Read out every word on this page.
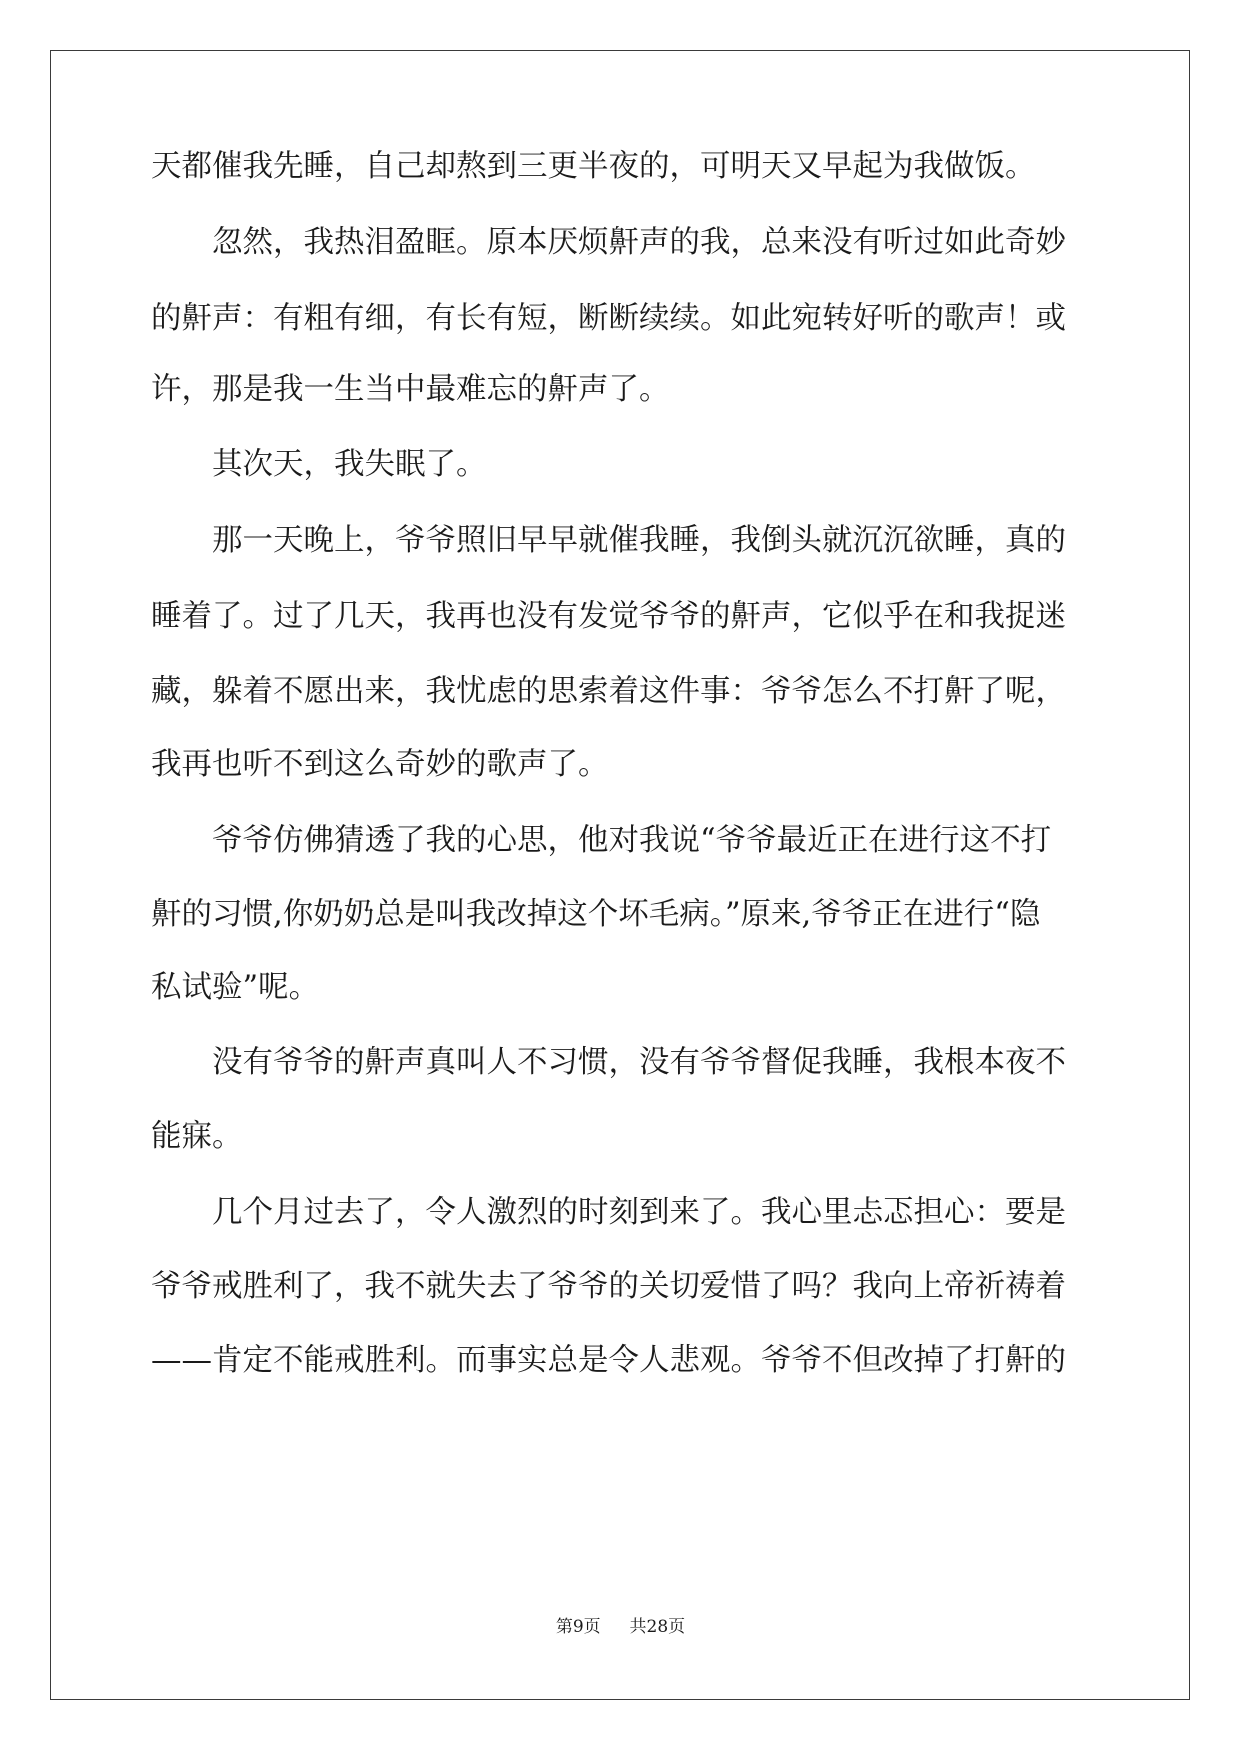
天都催我先睡，自己却熬到三更半夜的，可明天又早起为我做饭。
忽然，我热泪盈眶。原本厌烦鼾声的我，总来没有听过如此奇妙
的鼾声：有粗有细，有长有短，断断续续。如此宛转好听的歌声！或
许，那是我一生当中最难忘的鼾声了。
其次天，我失眠了。
那一天晚上，爷爷照旧早早就催我睡，我倒头就沉沉欲睡，真的
睡着了。过了几天，我再也没有发觉爷爷的鼾声，它似乎在和我捉迷
藏，躲着不愿出来，我忧虑的思索着这件事：爷爷怎么不打鼾了呢，
我再也听不到这么奇妙的歌声了。
爷爷仿佛猜透了我的心思，他对我说“爷爷最近正在进行这不打
鼾的习惯,你奶奶总是叫我改掉这个坏毛病。”原来,爷爷正在进行“隐
私试验”呢。
没有爷爷的鼾声真叫人不习惯，没有爷爷督促我睡，我根本夜不
能寐。
几个月过去了，令人激烈的时刻到来了。我心里忐忑担心：要是
爷爷戒胜利了，我不就失去了爷爷的关切爱惜了吗？我向上帝祈祷着
——肯定不能戒胜利。而事实总是令人悲观。爷爷不但改掉了打鼾的
第9页 共28页
